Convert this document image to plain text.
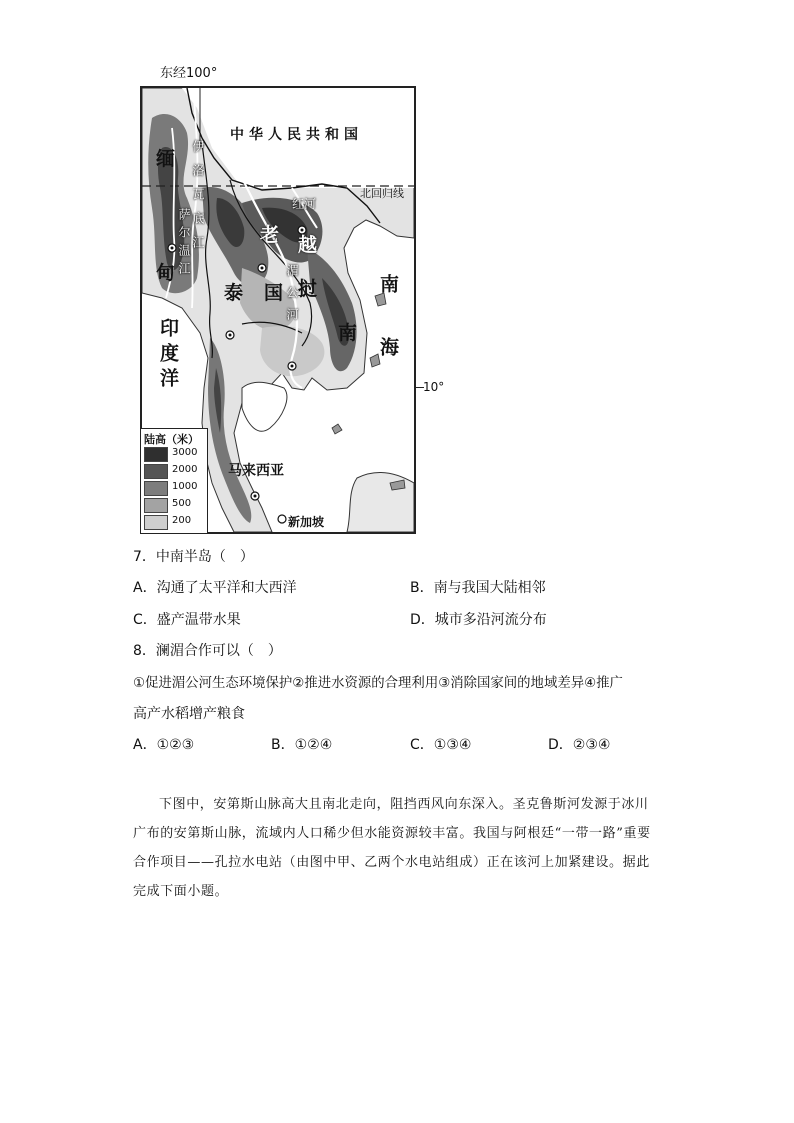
东经100°
中华人民共和国
北回归线
缅
甸
泰 国
老
挝
越
南
印度洋	南海
马来西亚
新加坡
伊洛瓦底江
萨尔温江
湄公河
红河
10°
陆高（米）
3000
2000
1000
500
200
7．中南半岛（　）
A．沟通了太平洋和大西洋	B．南与我国大陆相邻
C．盛产温带水果	D．城市多沿河流分布
8．澜湄合作可以（　）
①促进湄公河生态环境保护②推进水资源的合理利用③消除国家间的地域差异④推广
高产水稻增产粮食
A．①②③	B．①②④	C．①③④	D．②③④
下图中，安第斯山脉高大且南北走向，阻挡西风向东深入。圣克鲁斯河发源于冰川广布的安第斯山脉，流域内人口稀少但水能资源较丰富。我国与阿根廷“一带一路”重要合作项目——孔拉水电站（由图中甲、乙两个水电站组成）正在该河上加紧建设。据此完成下面小题。
